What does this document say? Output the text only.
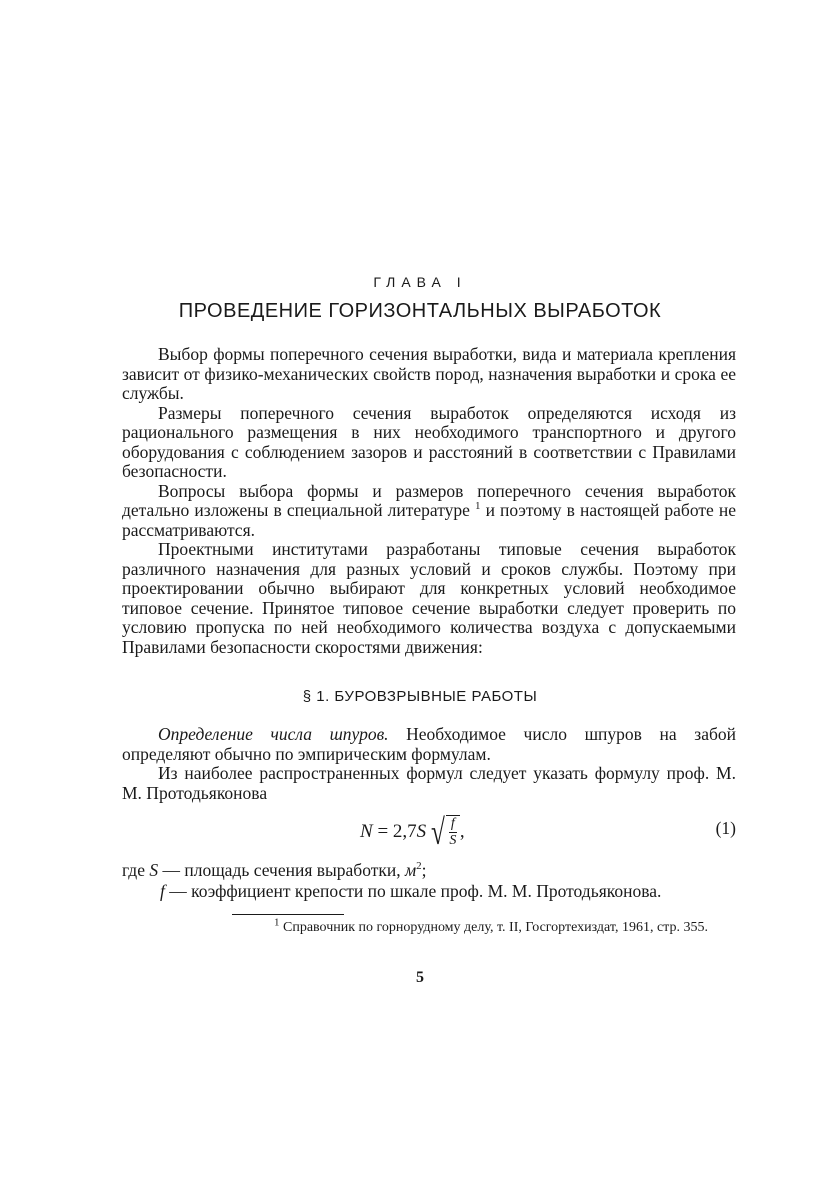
ГЛАВА I
ПРОВЕДЕНИЕ ГОРИЗОНТАЛЬНЫХ ВЫРАБОТОК

Выбор формы поперечного сечения выработки, вида и материала крепления зависит от физико-механических свойств пород, назначения выработки и срока ее службы.

Размеры поперечного сечения выработок определяются исходя из рационального размещения в них необходимого транспортного и другого оборудования с соблюдением зазоров и расстояний в соответствии с Правилами безопасности.

Вопросы выбора формы и размеров поперечного сечения выработок детально изложены в специальной литературе $^1$ и поэтому в настоящей работе не рассматриваются.

Проектными институтами разработаны типовые сечения выработок различного назначения для разных условий и сроков службы. Поэтому при проектировании обычно выбирают для конкретных условий необходимое типовое сечение. Принятое типовое сечение выработки следует проверить по условию пропуска по ней необходимого количества воздуха с допускаемыми Правилами безопасности скоростями движения:

§ 1. БУРОВЗРЫВНЫЕ РАБОТЫ

Определение числа шпуров. Необходимое число шпуров на забой определяют обычно по эмпирическим формулам.

Из наиболее распространенных формул следует указать формулу проф. М. М. Протодьяконова

N
= 2,7 S √ $\frac{f}{S}$ ,	(1)
где S — площадь сечения выработки, $м^2$;
f — коэффициент крепости по шкале проф. М. М. Протодьяконова.
$^1$ Справочник по горнорудному делу, т. II, Госгортехиздат, 1961, стр. 355.
5
